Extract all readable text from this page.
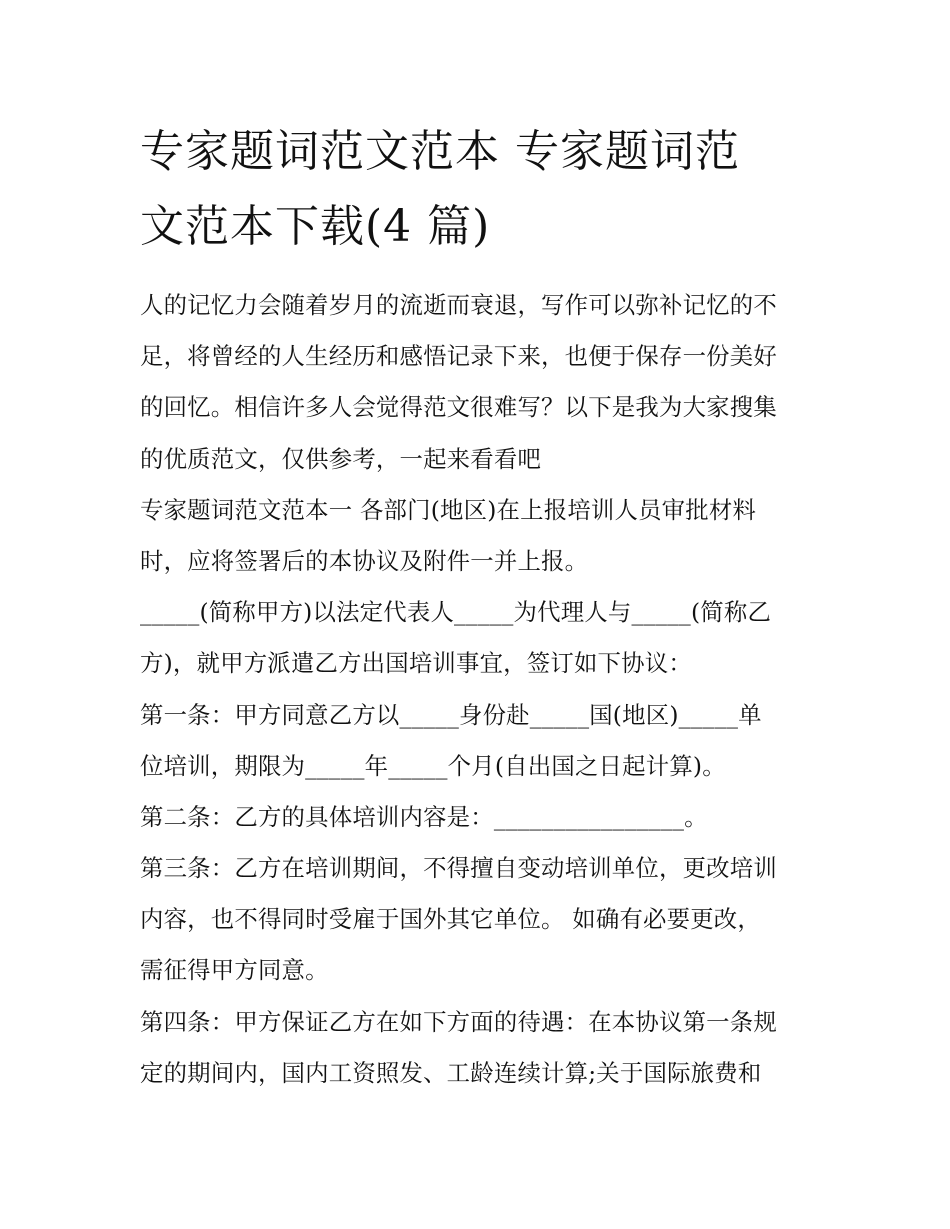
专家题词范文范本 专家题词范
文范本下载(4 篇)
人的记忆力会随着岁月的流逝而衰退，写作可以弥补记忆的不
足，将曾经的人生经历和感悟记录下来，也便于保存一份美好
的回忆。相信许多人会觉得范文很难写？以下是我为大家搜集
的优质范文，仅供参考，一起来看看吧
专家题词范文范本一 各部门(地区)在上报培训人员审批材料
时，应将签署后的本协议及附件一并上报。
_____(简称甲方)以法定代表人_____为代理人与_____(简称乙
方)，就甲方派遣乙方出国培训事宜，签订如下协议：
第一条：甲方同意乙方以_____身份赴_____国(地区)_____单
位培训，期限为_____年_____个月(自出国之日起计算)。
第二条：乙方的具体培训内容是：________________。
第三条：乙方在培训期间，不得擅自变动培训单位，更改培训
内容，也不得同时受雇于国外其它单位。 如确有必要更改，
需征得甲方同意。
第四条：甲方保证乙方在如下方面的待遇：在本协议第一条规
定的期间内，国内工资照发、工龄连续计算;关于国际旅费和
